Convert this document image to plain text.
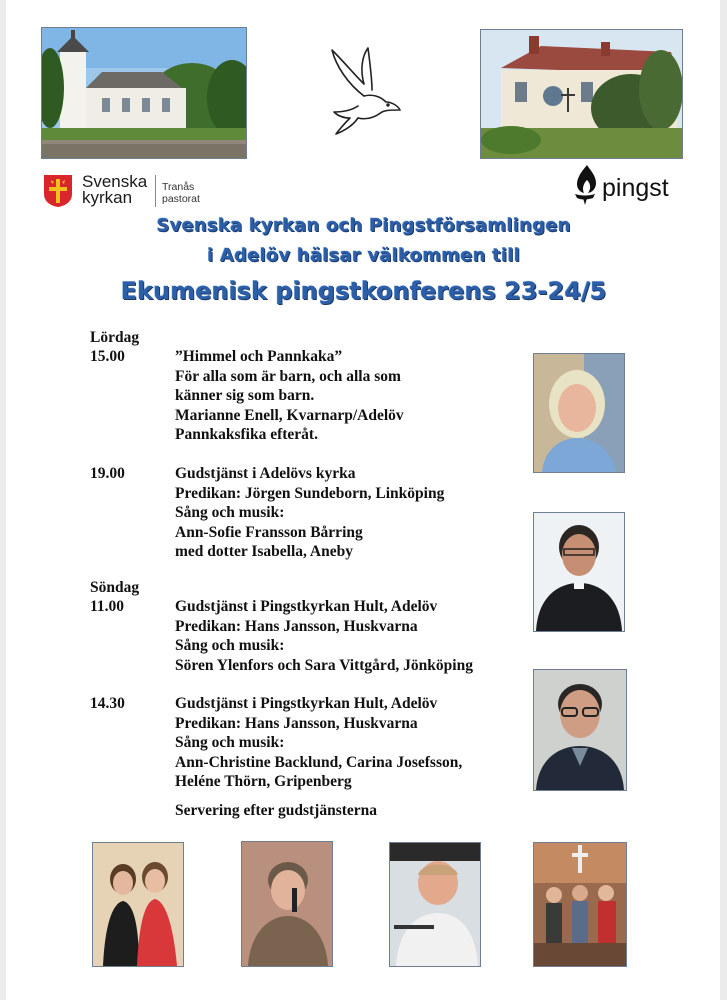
Svenska
kyrkan
Tranås
pastorat	pingst
Svenska kyrkan och Pingstförsamlingen
i Adelöv hälsar välkommen till
Ekumenisk pingstkonferens 23-24/5
Lördag
15.00	”Himmel och Pannkaka”
För alla som är barn, och alla som
känner sig som barn.
Marianne Enell, Kvarnarp/Adelöv
Pannkaksfika efteråt.
19.00	Gudstjänst i Adelövs kyrka
Predikan: Jörgen Sundeborn, Linköping
Sång och musik:
Ann-Sofie Fransson Bårring
med dotter Isabella, Aneby
Söndag
11.00	Gudstjänst i Pingstkyrkan Hult, Adelöv
Predikan: Hans Jansson, Huskvarna
Sång och musik:
Sören Ylenfors och Sara Vittgård, Jönköping
14.30	Gudstjänst i Pingstkyrkan Hult, Adelöv
Predikan: Hans Jansson, Huskvarna
Sång och musik:
Ann-Christine Backlund, Carina Josefsson,
Heléne Thörn, Gripenberg
Servering efter gudstjänsterna
